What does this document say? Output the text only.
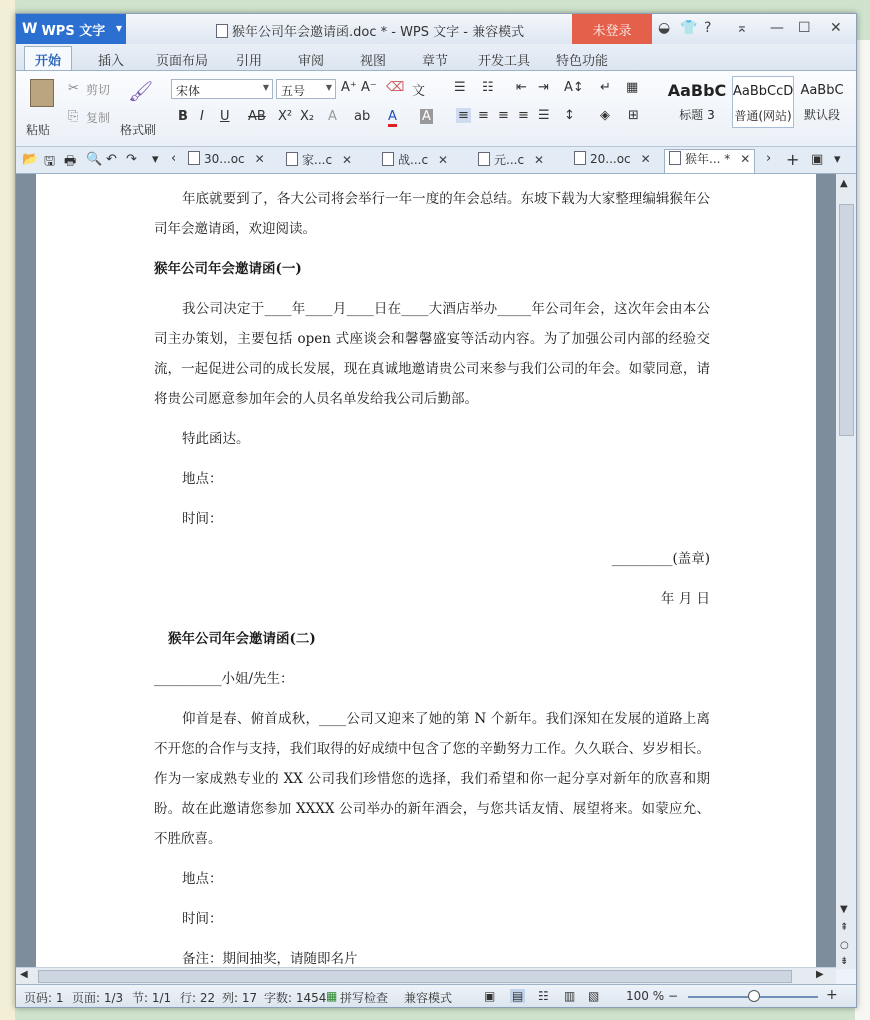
W WPS 文字 ▼	猴年公司年会邀请函.doc * - WPS 文字 - 兼容模式	未登录	◒ 👕 ? ⌅ — ☐ ✕
开始	插入 页面布局 引用	审阅	视图	章节 开发工具 特色功能
粘贴
✂ 剪切
⎘ 复制
🖌
格式刷
宋体	▼	五号	▼ A⁺ A⁻ ⌫ 文
B I U AB X² X₂ A ab A A
☰ ☷ ⇤ ⇥ A↕ ↵ ▦
≡ ≡ ≡ ≡ ☰ ↕ ◈ ⊞
AaBbC
标题 3
AaBbCcD
普通(网站)
AaBbC
默认段
📂 🖫 🖶 🔍 ↶ ↷ ▾ ‹	30...oc ✕	家...c ✕	战...c ✕	元...c ✕	20...oc ✕	猴年... * ✕	› + ▣ ▾
年底就要到了，各大公司将会举行一年一度的年会总结。东坡下载为大家整理编辑猴年公司年会邀请函，欢迎阅读。
猴年公司年会邀请函(一)
我公司决定于____年____月____日在____大酒店举办_____年公司年会，这次年会由本公司主办策划，主要包括 open 式座谈会和馨馨盛宴等活动内容。为了加强公司内部的经验交流，一起促进公司的成长发展，现在真诚地邀请贵公司来参与我们公司的年会。如蒙同意，请将贵公司愿意参加年会的人员名单发给我公司后勤部。
特此函达。
地点：
时间：
_________(盖章)
年 月 日
猴年公司年会邀请函(二)
__________小姐/先生：
仰首是春、俯首成秋，____公司又迎来了她的第 N 个新年。我们深知在发展的道路上离不开您的合作与支持，我们取得的好成绩中包含了您的辛勤努力工作。久久联合、岁岁相长。作为一家成熟专业的 XX 公司我们珍惜您的选择，我们希望和你一起分享对新年的欣喜和期盼。故在此邀请您参加 XXXX 公司举办的新年酒会，与您共话友情、展望将来。如蒙应允、不胜欣喜。
地点：
时间：
备注：期间抽奖，请随即名片
▲
▼
⇞
○
⇟
◀	▶
页码: 1 页面: 1/3 节: 1/1 行: 22 列: 17 字数: 1454 ▦ 拼写检查 兼容模式	▣ ▤ ☷ ▥ ▧ 100 % −	+
